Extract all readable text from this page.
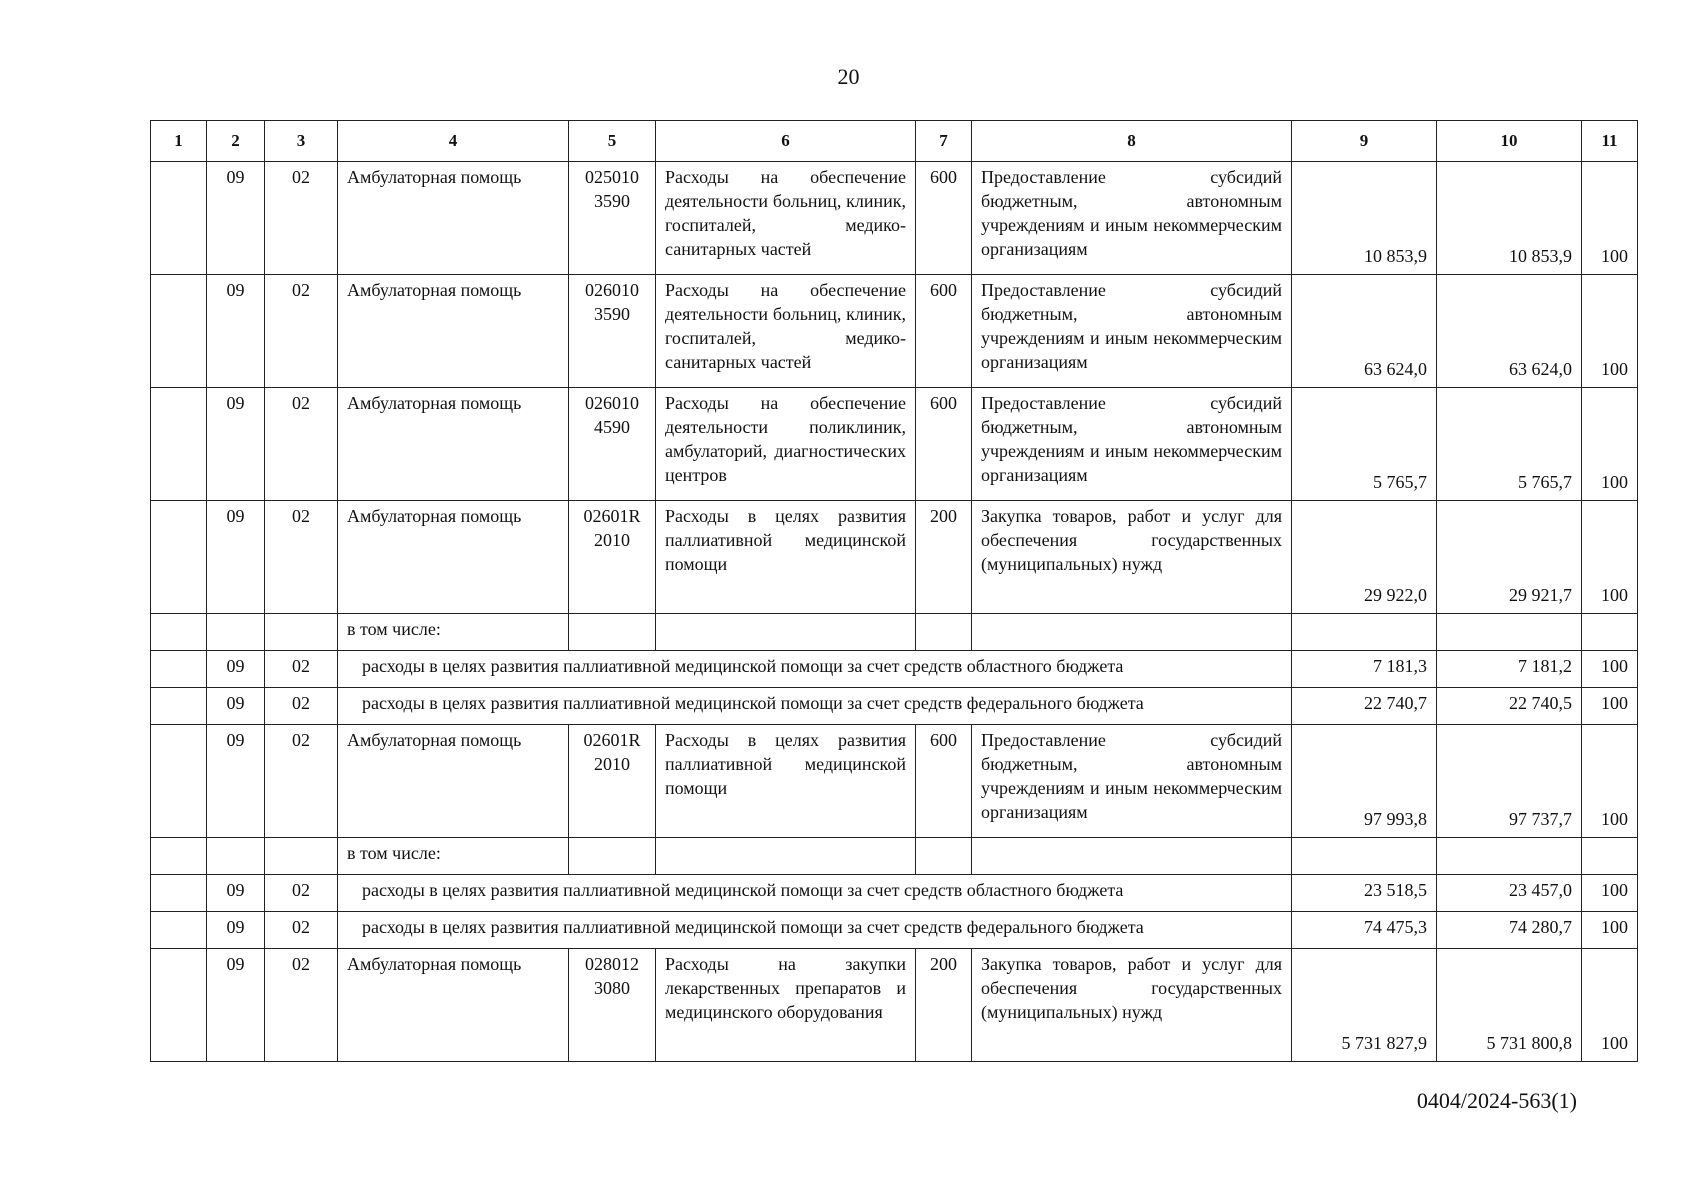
20
1	2	3	4	5	6	7	8	9	10	11
	09	02	Амбулаторная помощь	025010 3590	Расходы на обеспечение деятельности больниц, клиник, госпиталей, медико-санитарных частей	600	Предоставление субсидий бюджетным, автономным учреждениям и иным некоммерческим организациям	10 853,9	10 853,9	100
	09	02	Амбулаторная помощь	026010 3590	Расходы на обеспечение деятельности больниц, клиник, госпиталей, медико-санитарных частей	600	Предоставление субсидий бюджетным, автономным учреждениям и иным некоммерческим организациям	63 624,0	63 624,0	100
	09	02	Амбулаторная помощь	026010 4590	Расходы на обеспечение деятельности поликлиник, амбулаторий, диагностических центров	600	Предоставление субсидий бюджетным, автономным учреждениям и иным некоммерческим организациям	5 765,7	5 765,7	100
	09	02	Амбулаторная помощь	02601R 2010	Расходы в целях развития паллиативной медицинской помощи	200	Закупка товаров, работ и услуг для обеспечения государственных (муниципальных) нужд	29 922,0	29 921,7	100
			в том числе:							
	09	02	расходы в целях развития паллиативной медицинской помощи за счет средств областного бюджета					7 181,3	7 181,2	100
	09	02	расходы в целях развития паллиативной медицинской помощи за счет средств федерального бюджета					22 740,7	22 740,5	100
	09	02	Амбулаторная помощь	02601R 2010	Расходы в целях развития паллиативной медицинской помощи	600	Предоставление субсидий бюджетным, автономным учреждениям и иным некоммерческим организациям	97 993,8	97 737,7	100
			в том числе:							
	09	02	расходы в целях развития паллиативной медицинской помощи за счет средств областного бюджета					23 518,5	23 457,0	100
	09	02	расходы в целях развития паллиативной медицинской помощи за счет средств федерального бюджета					74 475,3	74 280,7	100
	09	02	Амбулаторная помощь	028012 3080	Расходы на закупки лекарственных препаратов и медицинского оборудования	200	Закупка товаров, работ и услуг для обеспечения государственных (муниципальных) нужд	5 731 827,9	5 731 800,8	100
0404/2024-563(1)
